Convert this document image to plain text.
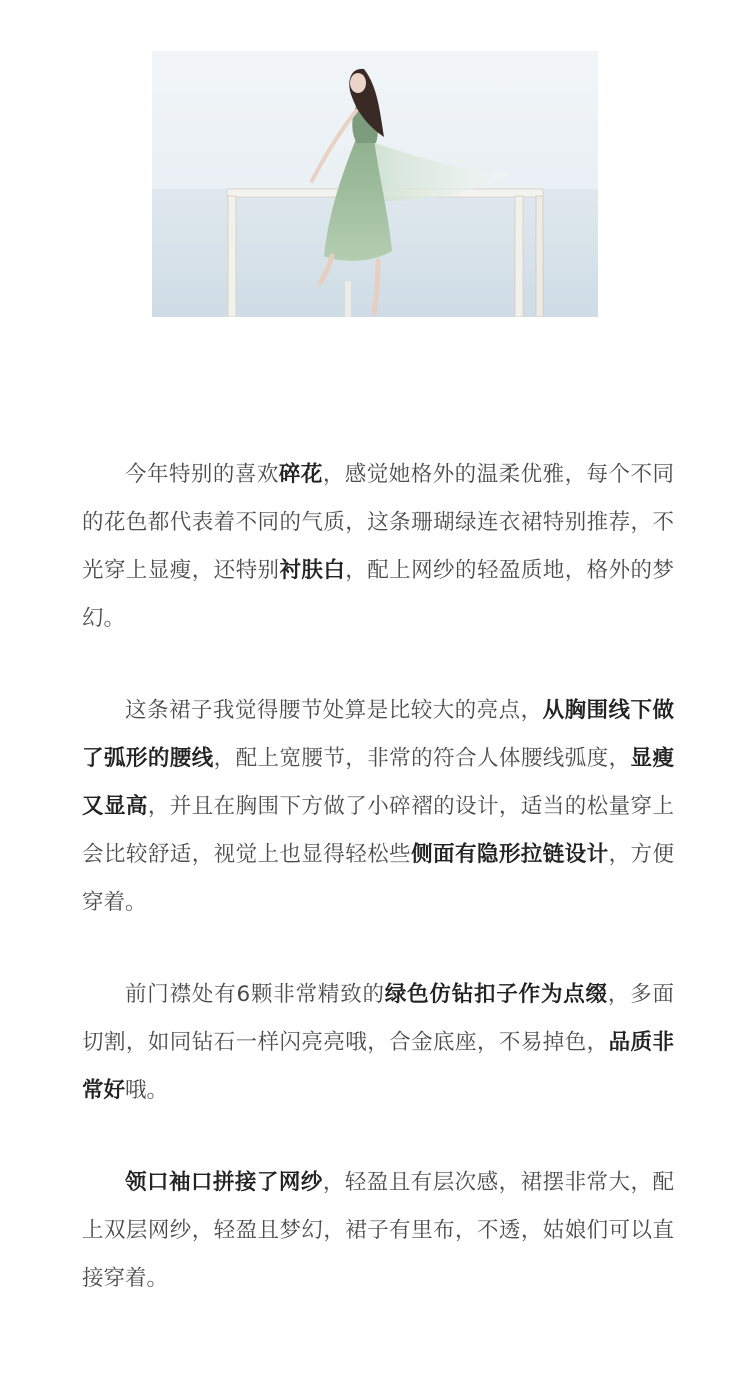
今年特别的喜欢碎花，感觉她格外的温柔优雅，每个不同的花色都代表着不同的气质，这条珊瑚绿连衣裙特别推荐，不光穿上显瘦，还特别衬肤白，配上网纱的轻盈质地，格外的梦幻。

这条裙子我觉得腰节处算是比较大的亮点，从胸围线下做了弧形的腰线，配上宽腰节，非常的符合人体腰线弧度，显瘦又显高，并且在胸围下方做了小碎褶的设计，适当的松量穿上会比较舒适，视觉上也显得轻松些侧面有隐形拉链设计，方便穿着。

前门襟处有6颗非常精致的绿色仿钻扣子作为点缀，多面切割，如同钻石一样闪亮亮哦，合金底座，不易掉色，品质非常好哦。

领口袖口拼接了网纱，轻盈且有层次感，裙摆非常大，配上双层网纱，轻盈且梦幻，裙子有里布，不透，姑娘们可以直接穿着。
